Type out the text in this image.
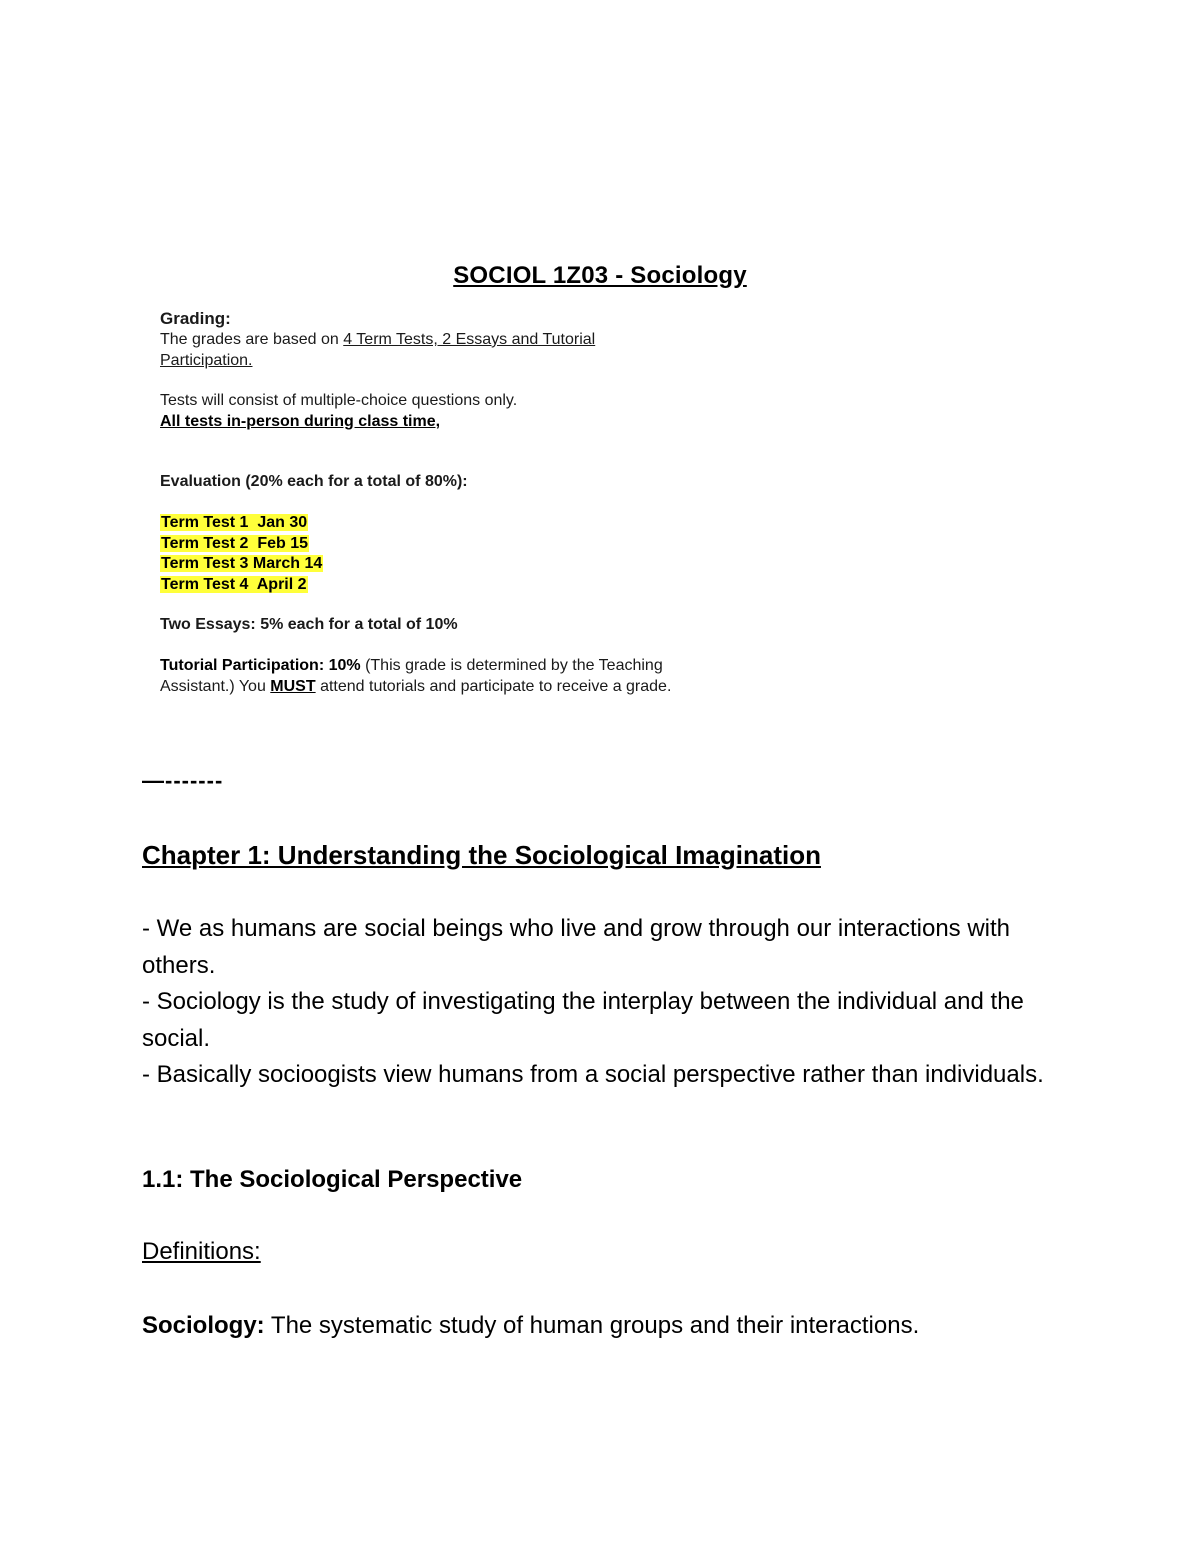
SOCIOL 1Z03 - Sociology
Grading:
The grades are based on 4 Term Tests, 2 Essays and Tutorial
Participation.
Tests will consist of multiple-choice questions only.
All tests in-person during class time,
Evaluation (20% each for a total of 80%):
Term Test 1  Jan 30
Term Test 2  Feb 15
Term Test 3 March 14
Term Test 4  April 2
Two Essays: 5% each for a total of 10%
Tutorial Participation: 10% (This grade is determined by the Teaching
Assistant.) You MUST attend tutorials and participate to receive a grade.
—-------
Chapter 1: Understanding the Sociological Imagination

- We as humans are social beings who live and grow through our interactions with others.

- Sociology is the study of investigating the interplay between the individual and the social.

- Basically socioogists view humans from a social perspective rather than individuals.

1.1: The Sociological Perspective
Definitions:
Sociology: The systematic study of human groups and their interactions.
